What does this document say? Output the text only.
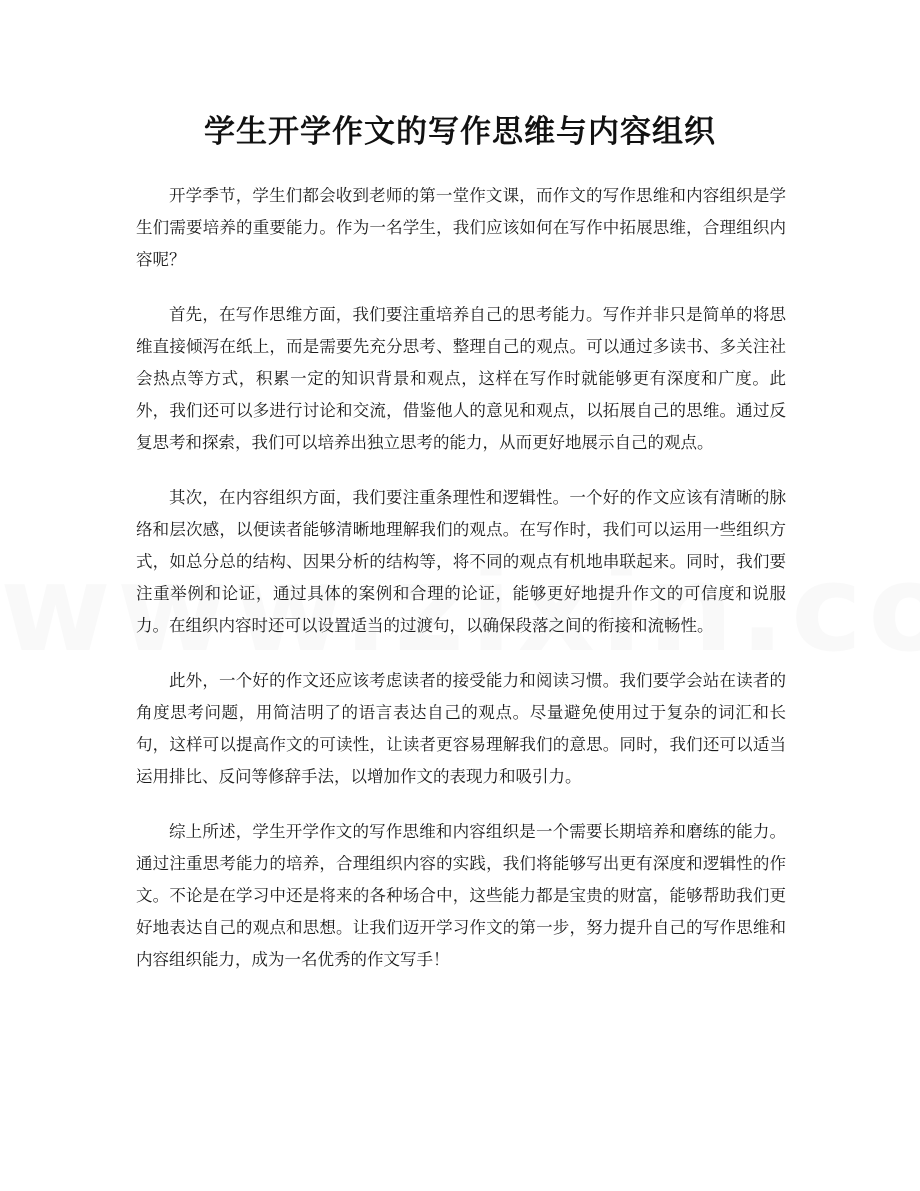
学生开学作文的写作思维与内容组织

开学季节，学生们都会收到老师的第一堂作文课，而作文的写作思维和内容组织是学生们需要培养的重要能力。作为一名学生，我们应该如何在写作中拓展思维，合理组织内容呢？

首先，在写作思维方面，我们要注重培养自己的思考能力。写作并非只是简单的将思维直接倾泻在纸上，而是需要先充分思考、整理自己的观点。可以通过多读书、多关注社会热点等方式，积累一定的知识背景和观点，这样在写作时就能够更有深度和广度。此外，我们还可以多进行讨论和交流，借鉴他人的意见和观点，以拓展自己的思维。通过反复思考和探索，我们可以培养出独立思考的能力，从而更好地展示自己的观点。

其次，在内容组织方面，我们要注重条理性和逻辑性。一个好的作文应该有清晰的脉络和层次感，以便读者能够清晰地理解我们的观点。在写作时，我们可以运用一些组织方式，如总分总的结构、因果分析的结构等，将不同的观点有机地串联起来。同时，我们要注重举例和论证，通过具体的案例和合理的论证，能够更好地提升作文的可信度和说服力。在组织内容时还可以设置适当的过渡句，以确保段落之间的衔接和流畅性。

此外，一个好的作文还应该考虑读者的接受能力和阅读习惯。我们要学会站在读者的角度思考问题，用简洁明了的语言表达自己的观点。尽量避免使用过于复杂的词汇和长句，这样可以提高作文的可读性，让读者更容易理解我们的意思。同时，我们还可以适当运用排比、反问等修辞手法，以增加作文的表现力和吸引力。

综上所述，学生开学作文的写作思维和内容组织是一个需要长期培养和磨练的能力。通过注重思考能力的培养，合理组织内容的实践，我们将能够写出更有深度和逻辑性的作文。不论是在学习中还是将来的各种场合中，这些能力都是宝贵的财富，能够帮助我们更好地表达自己的观点和思想。让我们迈开学习作文的第一步，努力提升自己的写作思维和内容组织能力，成为一名优秀的作文写手！
